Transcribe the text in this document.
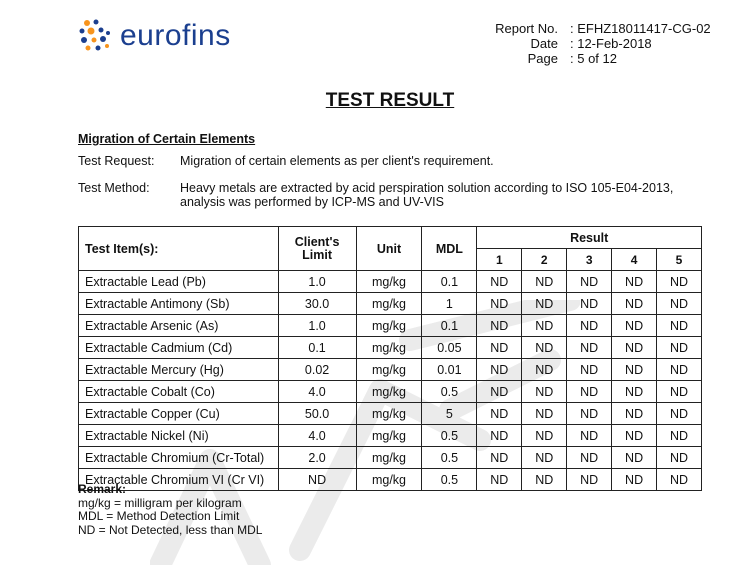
eurofins	Report No. : EFHZ18011417-CG-02
Date : 12-Feb-2018
Page : 5 of 12
TEST RESULT
Migration of Certain Elements
Test Request:	Migration of certain elements as per client's requirement.
Test Method:	Heavy metals are extracted by acid perspiration solution according to ISO 105-E04-2013, analysis was performed by ICP-MS and UV-VIS
Test Item(s):	Client's Limit	Unit	MDL	Result				
				1	2	3	4	5
Extractable Lead (Pb)	1.0	mg/kg	0.1	ND	ND	ND	ND	ND
Extractable Antimony (Sb)	30.0	mg/kg	1	ND	ND	ND	ND	ND
Extractable Arsenic (As)	1.0	mg/kg	0.1	ND	ND	ND	ND	ND
Extractable Cadmium (Cd)	0.1	mg/kg	0.05	ND	ND	ND	ND	ND
Extractable Mercury (Hg)	0.02	mg/kg	0.01	ND	ND	ND	ND	ND
Extractable Cobalt (Co)	4.0	mg/kg	0.5	ND	ND	ND	ND	ND
Extractable Copper (Cu)	50.0	mg/kg	5	ND	ND	ND	ND	ND
Extractable Nickel (Ni)	4.0	mg/kg	0.5	ND	ND	ND	ND	ND
Extractable Chromium (Cr-Total)	2.0	mg/kg	0.5	ND	ND	ND	ND	ND
Extractable Chromium VI (Cr VI)	ND	mg/kg	0.5	ND	ND	ND	ND	ND
Remark:
mg/kg = milligram per kilogram
MDL = Method Detection Limit
ND = Not Detected, less than MDL
